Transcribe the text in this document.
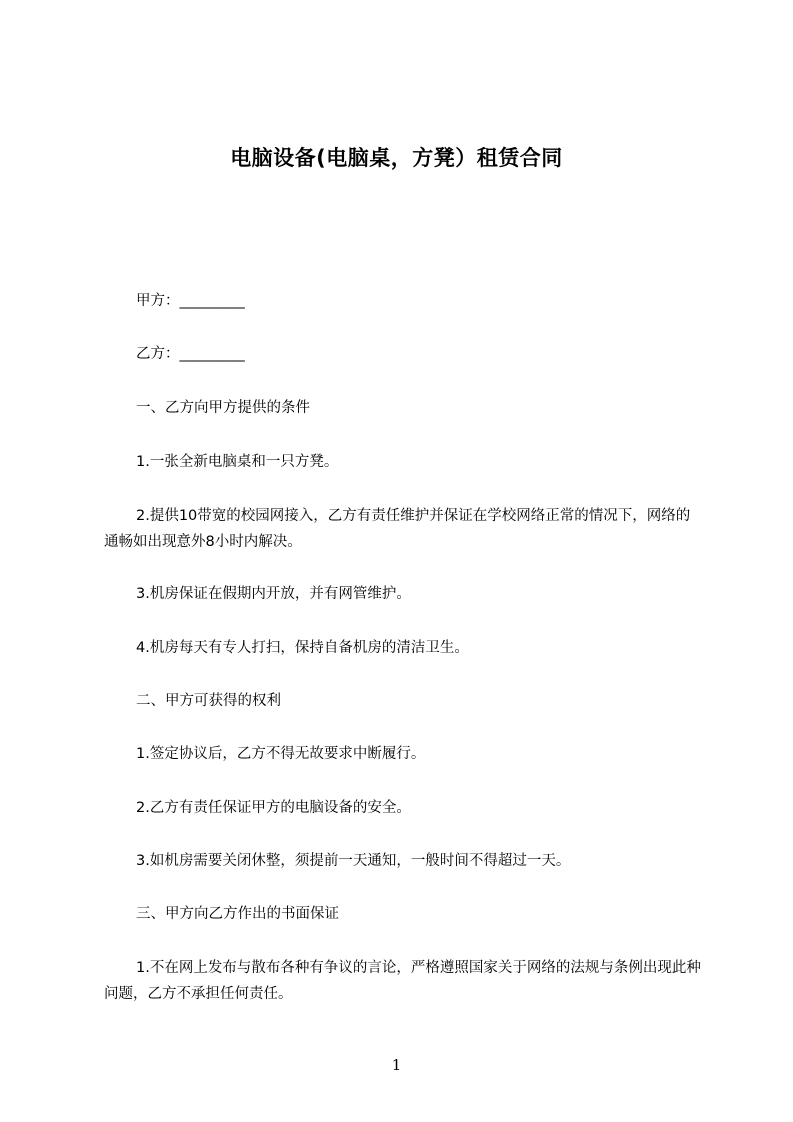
电脑设备(电脑桌，方凳）租赁合同

甲方：_________

乙方：_________

一、乙方向甲方提供的条件

1.一张全新电脑桌和一只方凳。

2.提供10带宽的校园网接入，乙方有责任维护并保证在学校网络正常的情况下，网络的通畅如出现意外8小时内解决。

3.机房保证在假期内开放，并有网管维护。

4.机房每天有专人打扫，保持自备机房的清洁卫生。

二、甲方可获得的权利

1.签定协议后，乙方不得无故要求中断履行。

2.乙方有责任保证甲方的电脑设备的安全。

3.如机房需要关闭休整，须提前一天通知，一般时间不得超过一天。

三、甲方向乙方作出的书面保证

1.不在网上发布与散布各种有争议的言论，严格遵照国家关于网络的法规与条例出现此种问题，乙方不承担任何责任。

1
